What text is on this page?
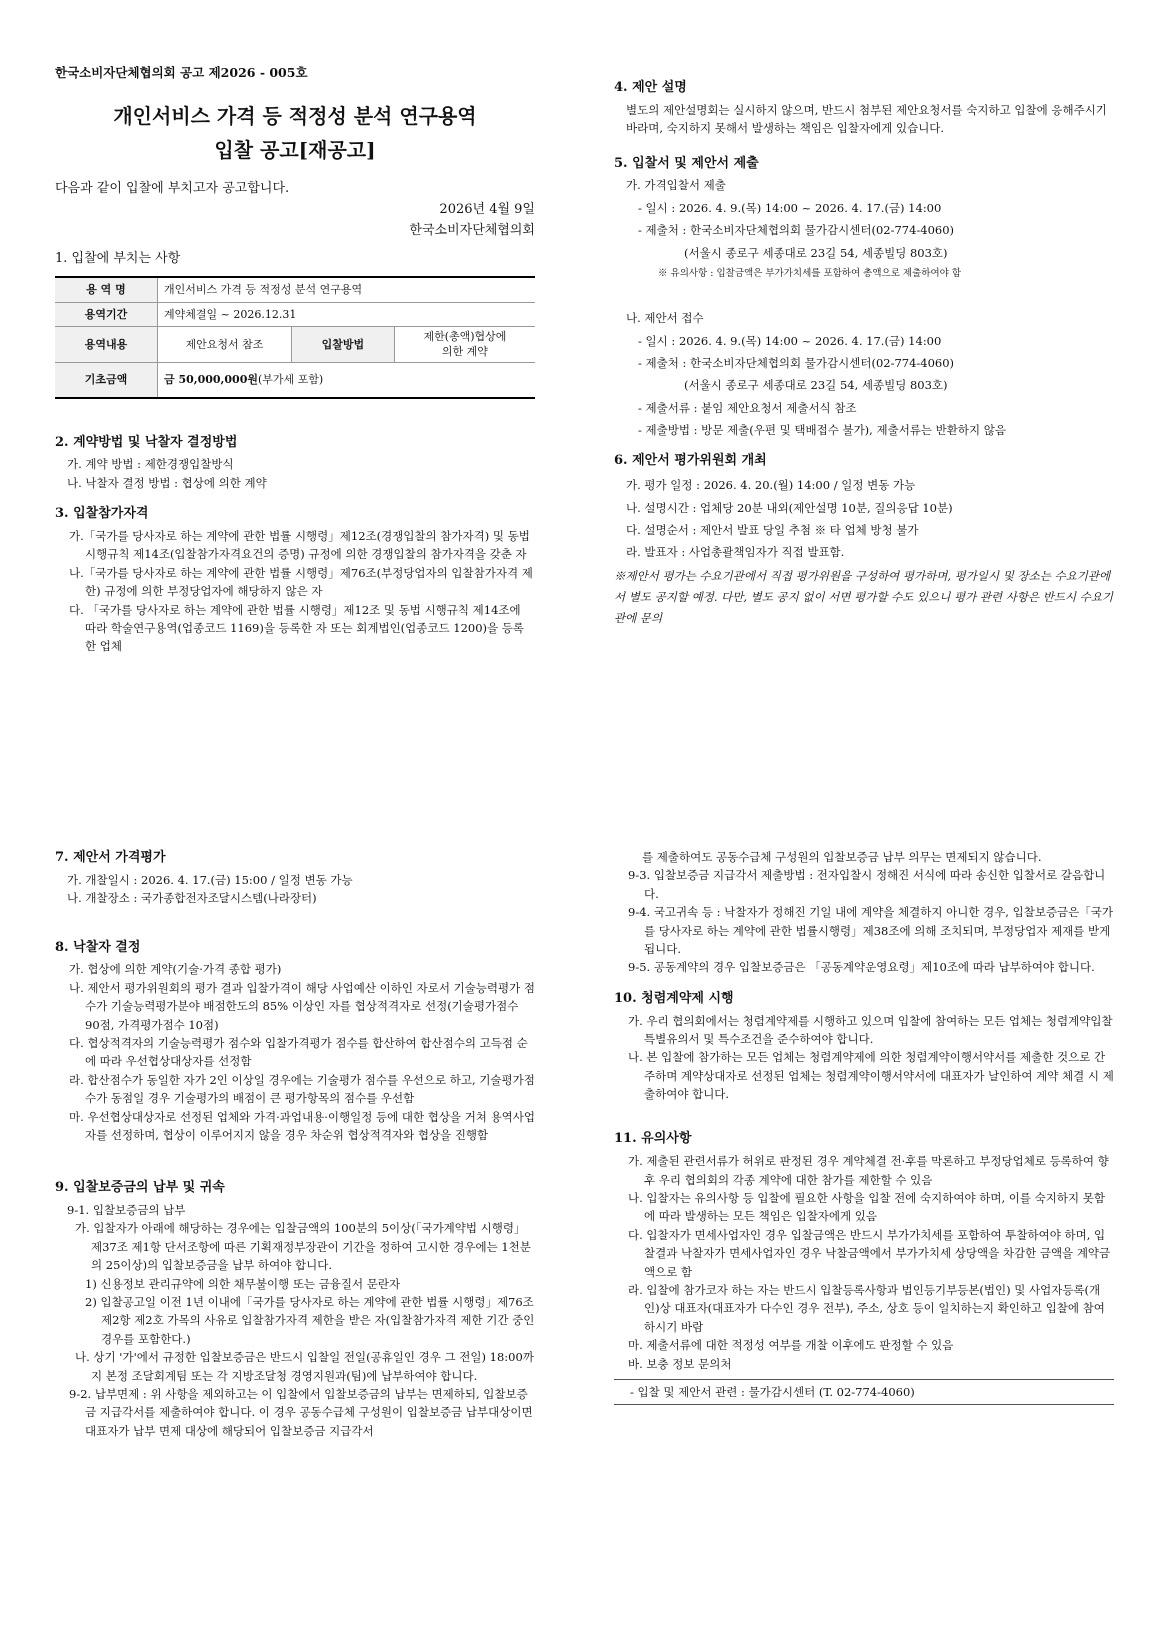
한국소비자단체협의회 공고 제2026 - 005호

개인서비스 가격 등 적정성 분석 연구용역
입찰 공고[재공고]

다음과 같이 입찰에 부치고자 공고합니다.

2026년 4월 9일

한국소비자단체협의회

1. 입찰에 부치는 사항

용 역 명	개인서비스 가격 등 적정성 분석 연구용역		
용역기간	계약체결일 ~ 2026.12.31		
용역내용	제안요청서 참조	입찰방법	제한(총액)협상에
의한 계약

기초금액	금 50,000,000원(부가세 포함)		

2. 계약방법 및 낙찰자 결정방법

가. 계약 방법 : 제한경쟁입찰방식

나. 낙찰자 결정 방법 : 협상에 의한 계약

3. 입찰참가자격

가.「국가를 당사자로 하는 계약에 관한 법률 시행령」제12조(경쟁입찰의 참가자격) 및 동법 시행규칙 제14조(입찰참가자격요건의 증명) 규정에 의한 경쟁입찰의 참가자격을 갖춘 자

나.「국가를 당사자로 하는 계약에 관한 법률 시행령」제76조(부정당업자의 입찰참가자격 제한) 규정에 의한 부정당업자에 해당하지 않은 자

다. 「국가를 당사자로 하는 계약에 관한 법률 시행령」제12조 및 동법 시행규칙 제14조에 따라 학술연구용역(업종코드 1169)을 등록한 자 또는 회계법인(업종코드 1200)을 등록한 업체

4. 제안 설명

별도의 제안설명회는 실시하지 않으며, 반드시 첨부된 제안요청서를 숙지하고 입찰에 응해주시기 바라며, 숙지하지 못해서 발생하는 책임은 입찰자에게 있습니다.

5. 입찰서 및 제안서 제출

가. 가격입찰서 제출

- 일시 : 2026. 4. 9.(목) 14:00 ~ 2026. 4. 17.(금) 14:00

- 제출처 : 한국소비자단체협의회 물가감시센터(02-774-4060)

(서울시 종로구 세종대로 23길 54, 세종빌딩 803호)

※ 유의사항 : 입찰금액은 부가가치세를 포함하여 총액으로 제출하여야 함

나. 제안서 접수

- 일시 : 2026. 4. 9.(목) 14:00 ~ 2026. 4. 17.(금) 14:00

- 제출처 : 한국소비자단체협의회 물가감시센터(02-774-4060)

(서울시 종로구 세종대로 23길 54, 세종빌딩 803호)

- 제출서류 : 붙임 제안요청서 제출서식 참조

- 제출방법 : 방문 제출(우편 및 택배접수 불가), 제출서류는 반환하지 않음

6. 제안서 평가위원회 개최

가. 평가 일정 : 2026. 4. 20.(월) 14:00 / 일정 변동 가능

나. 설명시간 : 업체당 20분 내외(제안설명 10분, 질의응답 10분)

다. 설명순서 : 제안서 발표 당일 추첨 ※ 타 업체 방청 불가

라. 발표자 : 사업총괄책임자가 직접 발표함.

※제안서 평가는 수요기관에서 직접 평가위원을 구성하여 평가하며, 평가일시 및 장소는 수요기관에서 별도 공지할 예정. 다만, 별도 공지 없이 서면 평가할 수도 있으니 평가 관련 사항은 반드시 수요기관에 문의

7. 제안서 가격평가

가. 개찰일시 : 2026. 4. 17.(금) 15:00 / 일정 변동 가능

나. 개찰장소 : 국가종합전자조달시스템(나라장터)

8. 낙찰자 결정

가. 협상에 의한 계약(기술·가격 종합 평가)

나. 제안서 평가위원회의 평가 결과 입찰가격이 해당 사업예산 이하인 자로서 기술능력평가 점수가 기술능력평가분야 배점한도의 85% 이상인 자를 협상적격자로 선정(기술평가점수 90점, 가격평가점수 10점)

다. 협상적격자의 기술능력평가 점수와 입찰가격평가 점수를 합산하여 합산점수의 고득점 순에 따라 우선협상대상자를 선정함

라. 합산점수가 동일한 자가 2인 이상일 경우에는 기술평가 점수를 우선으로 하고, 기술평가점수가 동점일 경우 기술평가의 배점이 큰 평가항목의 점수를 우선함

마. 우선협상대상자로 선정된 업체와 가격·과업내용·이행일정 등에 대한 협상을 거쳐 용역사업자를 선정하며, 협상이 이루어지지 않을 경우 차순위 협상적격자와 협상을 진행함

9. 입찰보증금의 납부 및 귀속

9-1. 입찰보증금의 납부

가. 입찰자가 아래에 해당하는 경우에는 입찰금액의 100분의 5이상(「국가계약법 시행령」 제37조 제1항 단서조항에 따른 기획재정부장관이 기간을 정하여 고시한 경우에는 1천분의 25이상)의 입찰보증금을 납부 하여야 합니다.

1) 신용정보 관리규약에 의한 채무불이행 또는 금융질서 문란자

2) 입찰공고일 이전 1년 이내에「국가를 당사자로 하는 계약에 관한 법률 시행령」제76조 제2항 제2호 가목의 사유로 입찰참가자격 제한을 받은 자(입찰참가자격 제한 기간 중인 경우를 포함한다.)

나. 상기 '가'에서 규정한 입찰보증금은 반드시 입찰일 전일(공휴일인 경우 그 전일) 18:00까지 본정 조달회계팀 또는 각 지방조달청 경영지원과(팀)에 납부하여야 합니다.

9-2. 납부면제 : 위 사항을 제외하고는 이 입찰에서 입찰보증금의 납부는 면제하되, 입찰보증금 지급각서를 제출하여야 합니다. 이 경우 공동수급체 구성원이 입찰보증금 납부대상이면 대표자가 납부 면제 대상에 해당되어 입찰보증금 지급각서

를 제출하여도 공동수급체 구성원의 입찰보증금 납부 의무는 면제되지 않습니다.

9-3. 입찰보증금 지급각서 제출방법 : 전자입찰시 정해진 서식에 따라 송신한 입찰서로 갈음합니다.

9-4. 국고귀속 등 : 낙찰자가 정해진 기일 내에 계약을 체결하지 아니한 경우, 입찰보증금은「국가를 당사자로 하는 계약에 관한 법률시행령」제38조에 의해 조치되며, 부정당업자 제재를 받게 됩니다.

9-5. 공동계약의 경우 입찰보증금은 「공동계약운영요령」제10조에 따라 납부하여야 합니다.

10. 청렴계약제 시행

가. 우리 협의회에서는 청렴계약제를 시행하고 있으며 입찰에 참여하는 모든 업체는 청렴계약입찰 특별유의서 및 특수조건을 준수하여야 합니다.

나. 본 입찰에 참가하는 모든 업체는 청렴계약제에 의한 청렴계약이행서약서를 제출한 것으로 간주하며 계약상대자로 선정된 업체는 청렴계약이행서약서에 대표자가 날인하여 계약 체결 시 제출하여야 합니다.

11. 유의사항

가. 제출된 관련서류가 허위로 판정된 경우 계약체결 전·후를 막론하고 부정당업체로 등록하여 향후 우리 협의회의 각종 계약에 대한 참가를 제한할 수 있음

나. 입찰자는 유의사항 등 입찰에 필요한 사항을 입찰 전에 숙지하여야 하며, 이를 숙지하지 못함에 따라 발생하는 모든 책임은 입찰자에게 있음

다. 입찰자가 면세사업자인 경우 입찰금액은 반드시 부가가치세를 포함하여 투찰하여야 하며, 입찰결과 낙찰자가 면세사업자인 경우 낙찰금액에서 부가가치세 상당액을 차감한 금액을 계약금액으로 함

라. 입찰에 참가코자 하는 자는 반드시 입찰등록사항과 법인등기부등본(법인) 및 사업자등록(개인)상 대표자(대표자가 다수인 경우 전부), 주소, 상호 등이 일치하는지 확인하고 입찰에 참여하시기 바람

마. 제출서류에 대한 적정성 여부를 개찰 이후에도 판정할 수 있음

바. 보충 정보 문의처

- 입찰 및 제안서 관련 : 물가감시센터 (T. 02-774-4060)
